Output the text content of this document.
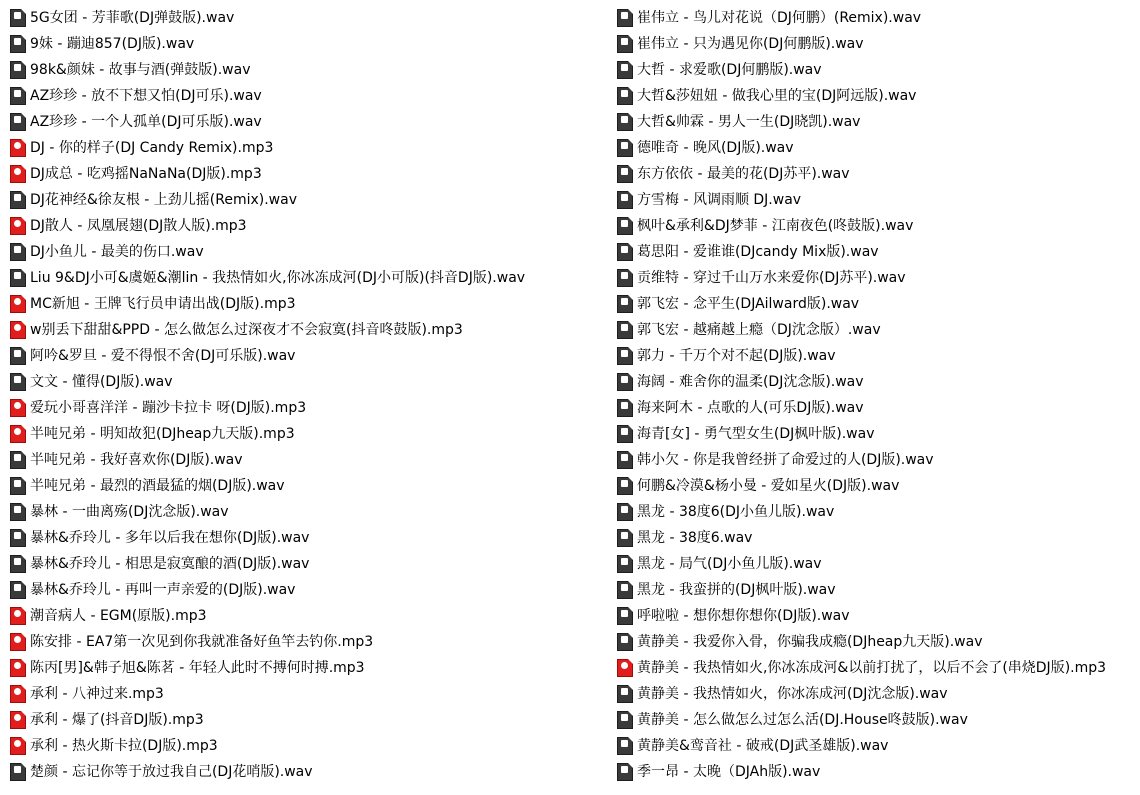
5G女团 - 芳菲歌(DJ弹鼓版).wav
9妹 - 蹦迪857(DJ版).wav
98k&颜妹 - 故事与酒(弹鼓版).wav
AZ珍珍 - 放不下想又怕(DJ可乐).wav
AZ珍珍 - 一个人孤单(DJ可乐版).wav
DJ - 你的样子(DJ Candy Remix).mp3
DJ成总 - 吃鸡摇NaNaNa(DJ版).mp3
DJ花神经&徐友根 - 上劲儿摇(Remix).wav
DJ散人 - 凤凰展翅(DJ散人版).mp3
DJ小鱼儿 - 最美的伤口.wav
Liu 9&DJ小可&虞姬&潮lin - 我热情如火,你冰冻成河(DJ小可版)(抖音DJ版).wav
MC新旭 - 王牌飞行员申请出战(DJ版).mp3
w别丢下甜甜&PPD - 怎么做怎么过深夜才不会寂寞(抖音咚鼓版).mp3
阿吟&罗旦 - 爱不得恨不舍(DJ可乐版).wav
文文 - 懂得(DJ版).wav
爱玩小哥喜洋洋 - 蹦沙卡拉卡 呀(DJ版).mp3
半吨兄弟 - 明知故犯(DJheap九天版).mp3
半吨兄弟 - 我好喜欢你(DJ版).wav
半吨兄弟 - 最烈的酒最猛的烟(DJ版).wav
暴林 - 一曲离殇(DJ沈念版).wav
暴林&乔玲儿 - 多年以后我在想你(DJ版).wav
暴林&乔玲儿 - 相思是寂寞酿的酒(DJ版).wav
暴林&乔玲儿 - 再叫一声亲爱的(DJ版).wav
潮音病人 - EGM(原版).mp3
陈安排 - EA7第一次见到你我就准备好鱼竿去钓你.mp3
陈丙[男]&韩子旭&陈茗 - 年轻人此时不搏何时搏.mp3
承利 - 八神过来.mp3
承利 - 爆了(抖音DJ版).mp3
承利 - 热火斯卡拉(DJ版).mp3
楚颜 - 忘记你等于放过我自己(DJ花哨版).wav
崔伟立 - 鸟儿对花说（DJ何鹏）(Remix).wav
崔伟立 - 只为遇见你(DJ何鹏版).wav
大哲 - 求爱歌(DJ何鹏版).wav
大哲&莎妞妞 - 做我心里的宝(DJ阿远版).wav
大哲&帅霖 - 男人一生(DJ晓凯).wav
德唯奇 - 晚风(DJ版).wav
东方依依 - 最美的花(DJ苏平).wav
方雪梅 - 风调雨顺 DJ.wav
枫叶&承利&DJ梦菲 - 江南夜色(咚鼓版).wav
葛思阳 - 爱谁谁(DJcandy Mix版).wav
贡维特 - 穿过千山万水来爱你(DJ苏平).wav
郭飞宏 - 念平生(DJAilward版).wav
郭飞宏 - 越痛越上瘾（DJ沈念版）.wav
郭力 - 千万个对不起(DJ版).wav
海阔 - 难舍你的温柔(DJ沈念版).wav
海来阿木 - 点歌的人(可乐DJ版).wav
海青[女] - 勇气型女生(DJ枫叶版).wav
韩小欠 - 你是我曾经拼了命爱过的人(DJ版).wav
何鹏&冷漠&杨小曼 - 爱如星火(DJ版).wav
黑龙 - 38度6(DJ小鱼儿版).wav
黑龙 - 38度6.wav
黑龙 - 局气(DJ小鱼儿版).wav
黑龙 - 我蛮拼的(DJ枫叶版).wav
呼啦啦 - 想你想你想你(DJ版).wav
黄静美 - 我爱你入骨，你骗我成瘾(DJheap九天版).wav
黄静美 - 我热情如火,你冰冻成河&以前打扰了，以后不会了(串烧DJ版).mp3
黄静美 - 我热情如火，你冰冻成河(DJ沈念版).wav
黄静美 - 怎么做怎么过怎么活(DJ.House咚鼓版).wav
黄静美&鸾音社 - 破戒(DJ武圣雄版).wav
季一昂 - 太晚（DJAh版).wav
